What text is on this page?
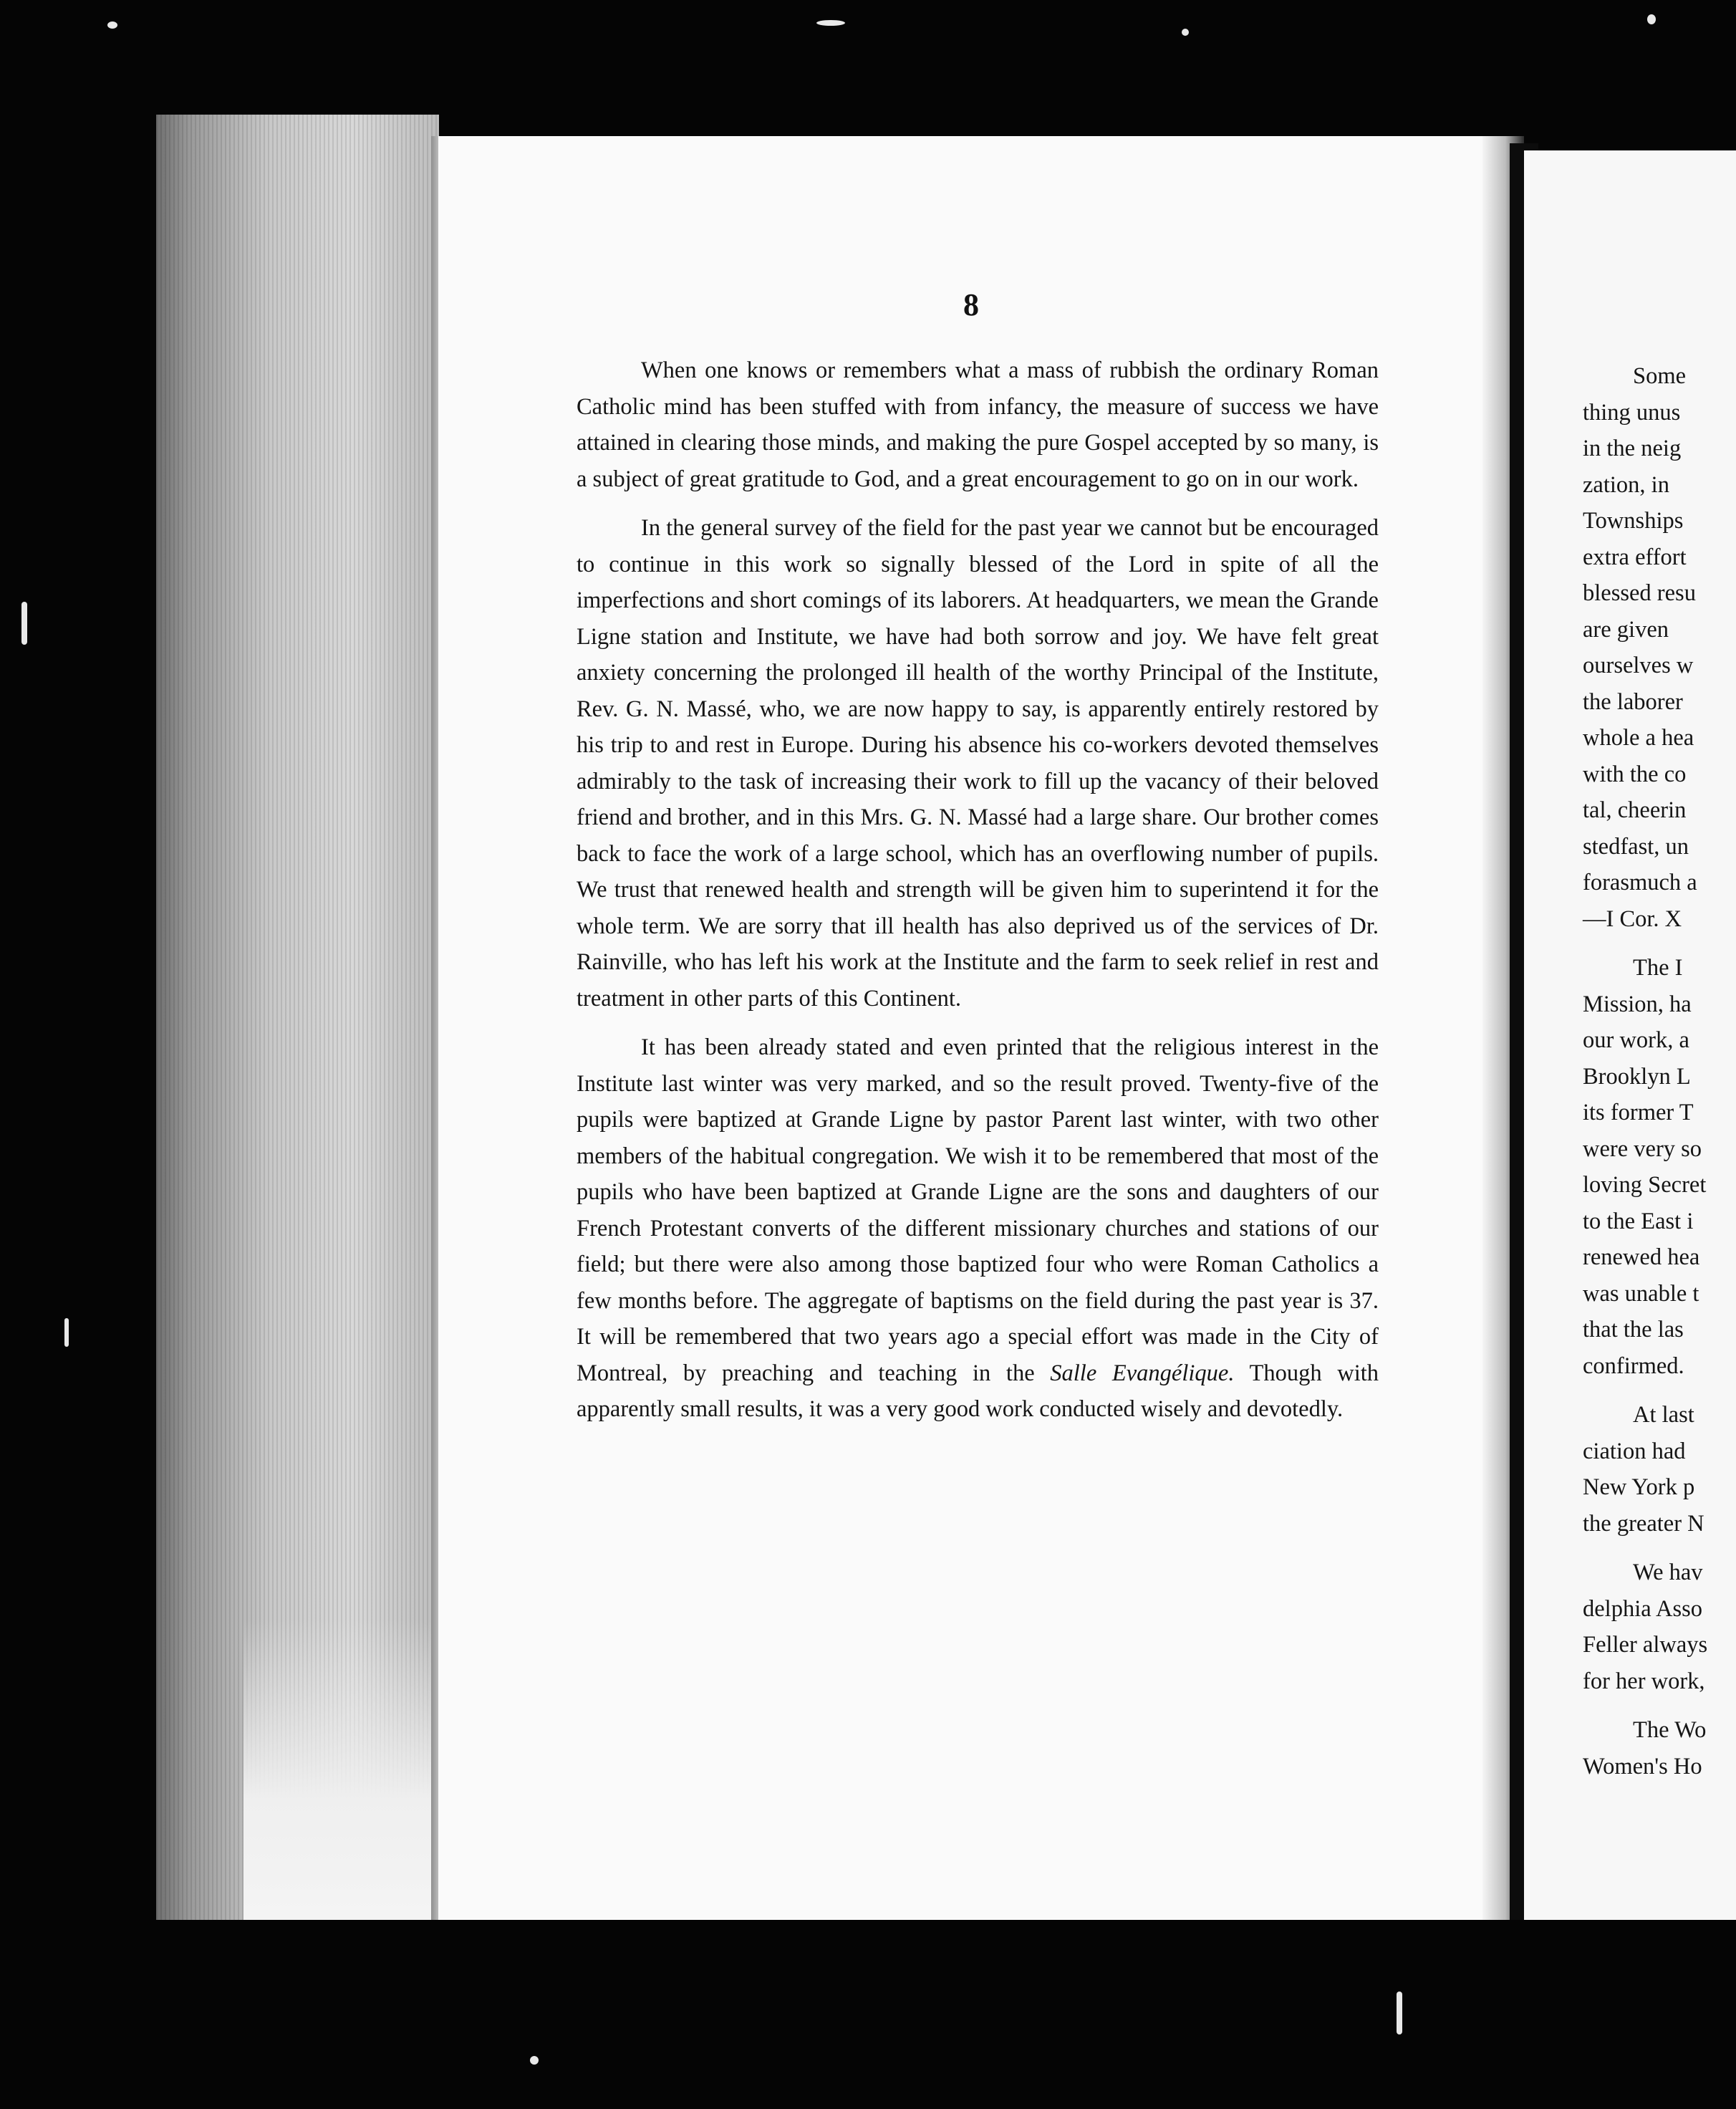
8

When one knows or remembers what a mass of rubbish the ordinary Roman Catholic mind has been stuffed with from infancy, the measure of success we have attained in clearing those minds, and making the pure Gospel accepted by so many, is a subject of great gratitude to God, and a great encouragement to go on in our work.

In the general survey of the field for the past year we cannot but be encouraged to continue in this work so signally blessed of the Lord in spite of all the imperfections and short comings of its laborers. At headquarters, we mean the Grande Ligne station and Institute, we have had both sorrow and joy. We have felt great anxiety concerning the prolonged ill health of the worthy Principal of the Institute, Rev. G. N. Massé, who, we are now happy to say, is apparently entirely restored by his trip to and rest in Europe. During his absence his co-workers devoted themselves admirably to the task of increasing their work to fill up the vacancy of their beloved friend and brother, and in this Mrs. G. N. Massé had a large share. Our brother comes back to face the work of a large school, which has an overflowing number of pupils. We trust that renewed health and strength will be given him to superintend it for the whole term. We are sorry that ill health has also deprived us of the services of Dr. Rainville, who has left his work at the Institute and the farm to seek relief in rest and treatment in other parts of this Continent.

It has been already stated and even printed that the religious interest in the Institute last winter was very marked, and so the result proved. Twenty-five of the pupils were baptized at Grande Ligne by pastor Parent last winter, with two other members of the habitual congregation. We wish it to be remembered that most of the pupils who have been baptized at Grande Ligne are the sons and daughters of our French Protestant converts of the different missionary churches and stations of our field; but there were also among those baptized four who were Roman Catholics a few months before. The aggregate of baptisms on the field during the past year is 37. It will be remembered that two years ago a special effort was made in the City of Montreal, by preaching and teaching in the Salle Evangélique. Though with apparently small results, it was a very good work conducted wisely and devotedly.

Some
thing unus
in the neig
zation, in
Townships
extra effort
blessed resu
are given
ourselves w
the laborer
whole a hea
with the co
tal, cheerin
stedfast, un
forasmuch a
—I Cor. X
The I
Mission, ha
our work, a
Brooklyn L
its former T
were very so
loving Secret
to the East i
renewed hea
was unable t
that the las
confirmed.
At last
ciation had
New York p
the greater N
We hav
delphia Asso
Feller always
for her work,
The Wo
Women's Ho
